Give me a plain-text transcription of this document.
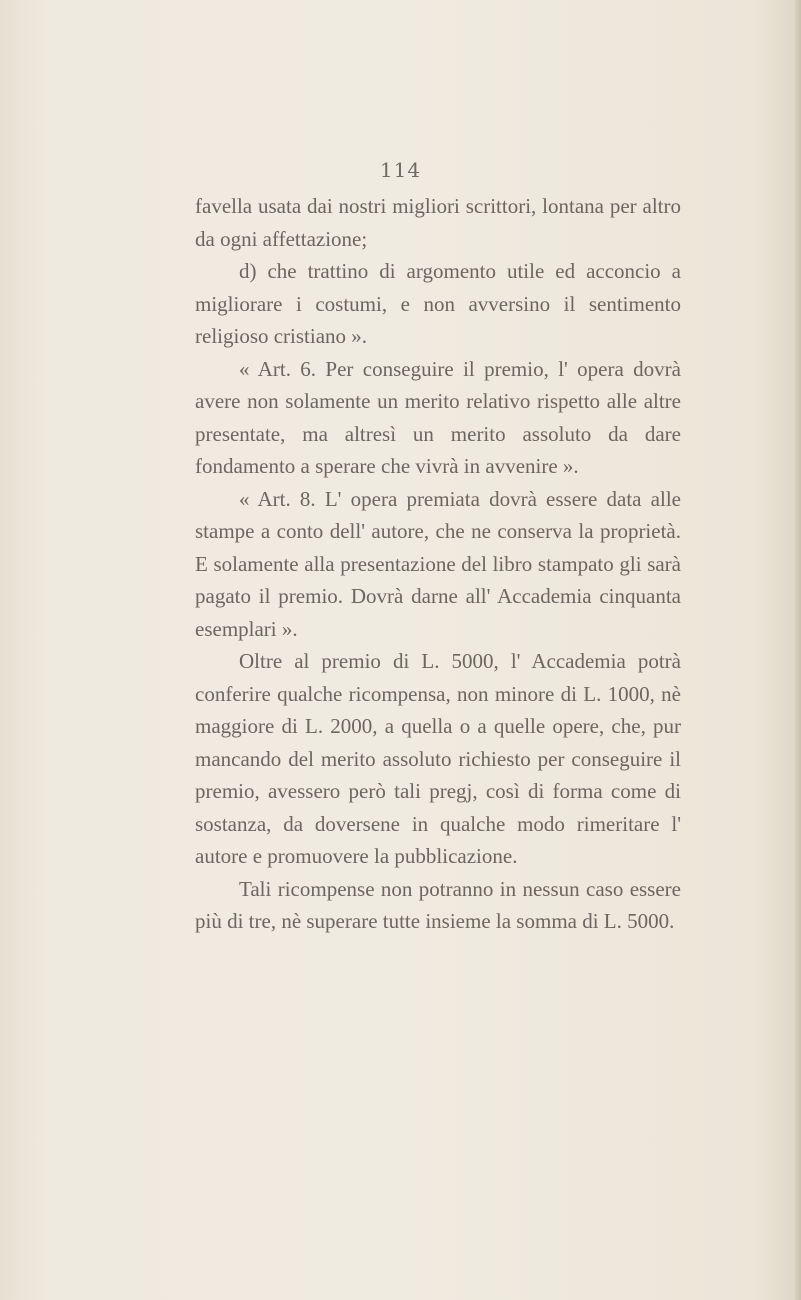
114

favella usata dai nostri migliori scrittori, lontana per altro da ogni affettazione;

d) che trattino di argomento utile ed acconcio a migliorare i costumi, e non avversino il sentimento religioso cristiano ».

« Art. 6. Per conseguire il premio, l' opera dovrà avere non solamente un merito relativo rispetto alle altre presentate, ma altresì un merito assoluto da dare fondamento a sperare che vivrà in avvenire ».

« Art. 8. L' opera premiata dovrà essere data alle stampe a conto dell' autore, che ne conserva la proprietà. E solamente alla presentazione del libro stampato gli sarà pagato il premio. Dovrà darne all' Accademia cinquanta esemplari ».

Oltre al premio di L. 5000, l' Accademia potrà conferire qualche ricompensa, non minore di L. 1000, nè maggiore di L. 2000, a quella o a quelle opere, che, pur mancando del merito assoluto richiesto per conseguire il premio, avessero però tali pregj, così di forma come di sostanza, da doversene in qualche modo rimeritare l' autore e promuovere la pubblicazione.

Tali ricompense non potranno in nessun caso essere più di tre, nè superare tutte insieme la somma di L. 5000.
